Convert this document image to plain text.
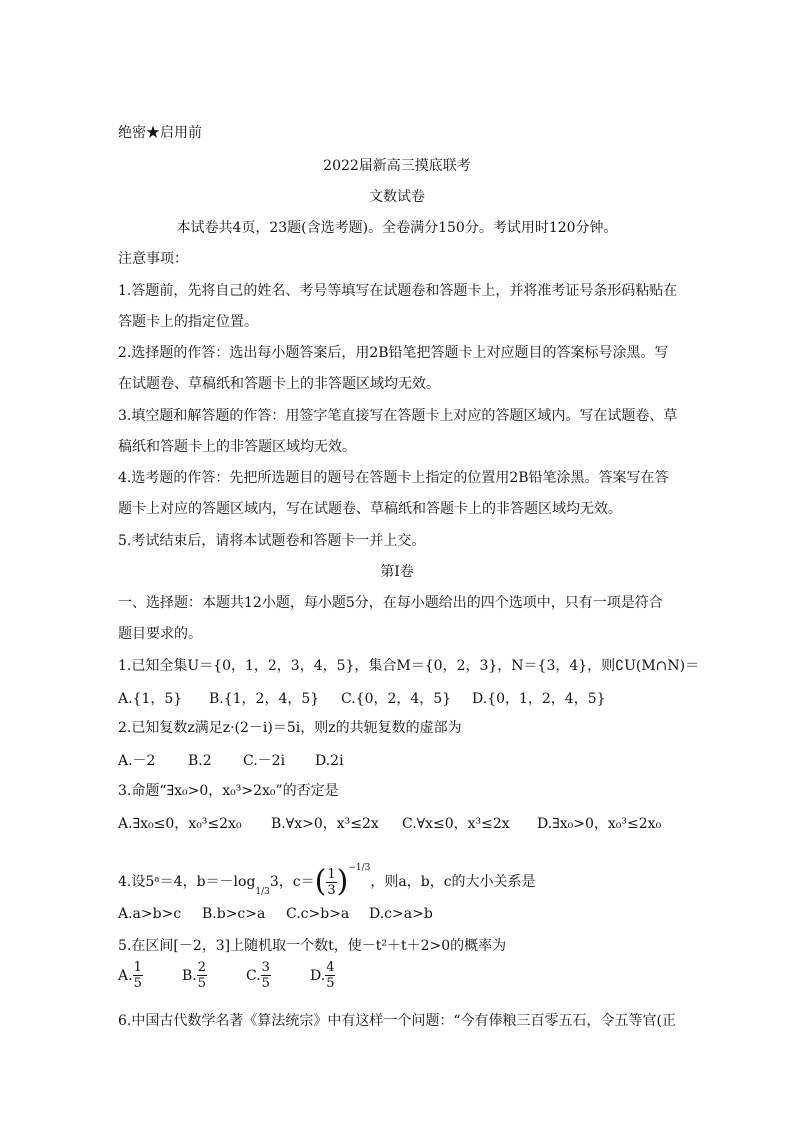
绝密★启用前
2022届新高三摸底联考
文数试卷
本试卷共4页，23题(含选考题)。全卷满分150分。考试用时120分钟。
注意事项：
1.答题前，先将自己的姓名、考号等填写在试题卷和答题卡上，并将准考证号条形码粘贴在
答题卡上的指定位置。
2.选择题的作答：选出每小题答案后，用2B铅笔把答题卡上对应题目的答案标号涂黑。写
在试题卷、草稿纸和答题卡上的非答题区域均无效。
3.填空题和解答题的作答：用签字笔直接写在答题卡上对应的答题区域内。写在试题卷、草
稿纸和答题卡上的非答题区域均无效。
4.选考题的作答：先把所选题目的题号在答题卡上指定的位置用2B铅笔涂黑。答案写在答
题卡上对应的答题区域内，写在试题卷、草稿纸和答题卡上的非答题区域均无效。
5.考试结束后，请将本试题卷和答题卡一并上交。
第Ⅰ卷
一、选择题：本题共12小题，每小题5分，在每小题给出的四个选项中，只有一项是符合
题目要求的。
1.已知全集U＝{0，1，2，3，4，5}，集合M＝{0，2，3}，N＝{3，4}，则∁U(M∩N)＝
A.{1，5} B.{1，2，4，5} C.{0，2，4，5} D.{0，1，2，4，5}
2.已知复数z满足z·(2－i)＝5i，则z的共轭复数的虚部为
A.－2 B.2 C.－2i D.2i
3.命题“∃x₀>0，x₀³>2x₀”的否定是
A.∃x₀≤0，x₀³≤2x₀ B.∀x>0，x³≤2x C.∀x≤0，x³≤2x D.∃x₀>0，x₀³≤2x₀
4.设5ᵃ＝4，$b=-\log_{1/3}3$，$c=( \frac{1}{3} )^{-1/3}$，则a，b，c的大小关系是
A.a>b>c B.b>c>a C.c>b>a D.c>a>b
5.在区间[－2，3]上随机取一个数t，使－t²＋t＋2>0的概率为
A. $\frac{1}{5}$	B. $\frac{2}{5}$	C. $\frac{3}{5}$	D. $\frac{4}{5}$
6.中国古代数学名著《算法统宗》中有这样一个问题：“今有俸粮三百零五石，令五等官(正
